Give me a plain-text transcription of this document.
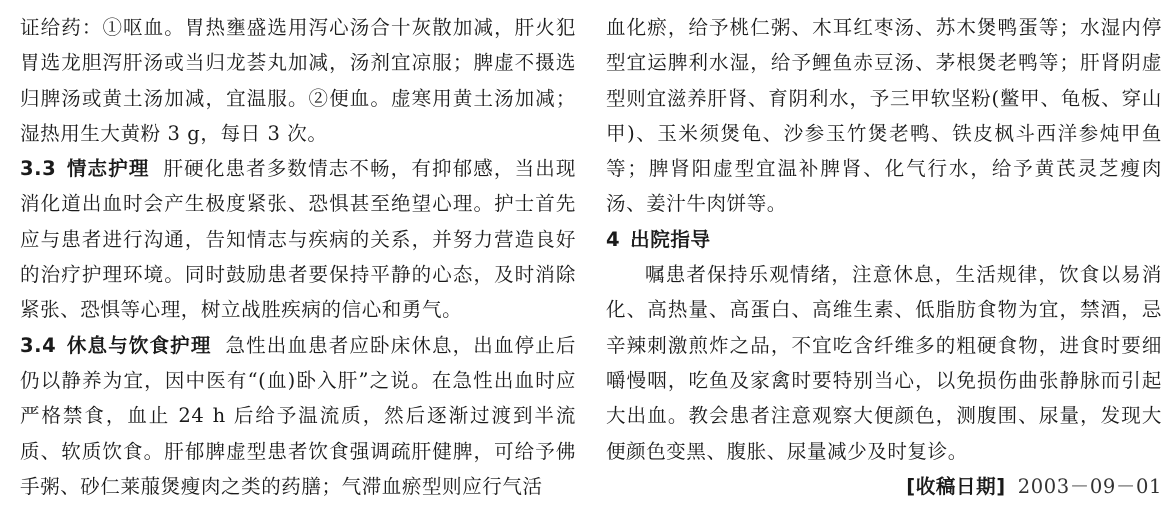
证给药：①呕血。胃热壅盛选用泻心汤合十灰散加减，肝火犯胃选龙胆泻肝汤或当归龙荟丸加减，汤剂宜凉服；脾虚不摄选归脾汤或黄土汤加减，宜温服。②便血。虚寒用黄土汤加减；湿热用生大黄粉 3 g，每日 3 次。

3.3 情志护理 肝硬化患者多数情志不畅，有抑郁感，当出现消化道出血时会产生极度紧张、恐惧甚至绝望心理。护士首先应与患者进行沟通，告知情志与疾病的关系，并努力营造良好的治疗护理环境。同时鼓励患者要保持平静的心态，及时消除紧张、恐惧等心理，树立战胜疾病的信心和勇气。

3.4 休息与饮食护理 急性出血患者应卧床休息，出血停止后仍以静养为宜，因中医有“(血)卧入肝”之说。在急性出血时应严格禁食，血止 24 h 后给予温流质，然后逐渐过渡到半流质、软质饮食。肝郁脾虚型患者饮食强调疏肝健脾，可给予佛手粥、砂仁莱菔煲瘦肉之类的药膳；气滞血瘀型则应行气活

血化瘀，给予桃仁粥、木耳红枣汤、苏木煲鸭蛋等；水湿内停型宜运脾利水湿，给予鲤鱼赤豆汤、茅根煲老鸭等；肝肾阴虚型则宜滋养肝肾、育阴利水，予三甲软坚粉(鳖甲、龟板、穿山甲)、玉米须煲龟、沙参玉竹煲老鸭、铁皮枫斗西洋参炖甲鱼等；脾肾阳虚型宜温补脾肾、化气行水，给予黄芪灵芝瘦肉汤、姜汁牛肉饼等。

4 出院指导

嘱患者保持乐观情绪，注意休息，生活规律，饮食以易消化、高热量、高蛋白、高维生素、低脂肪食物为宜，禁酒，忌辛辣刺激煎炸之品，不宜吃含纤维多的粗硬食物，进食时要细嚼慢咽，吃鱼及家禽时要特别当心，以免损伤曲张静脉而引起大出血。教会患者注意观察大便颜色，测腹围、尿量，发现大便颜色变黑、腹胀、尿量减少及时复诊。

[收稿日期] 2003－09－01
